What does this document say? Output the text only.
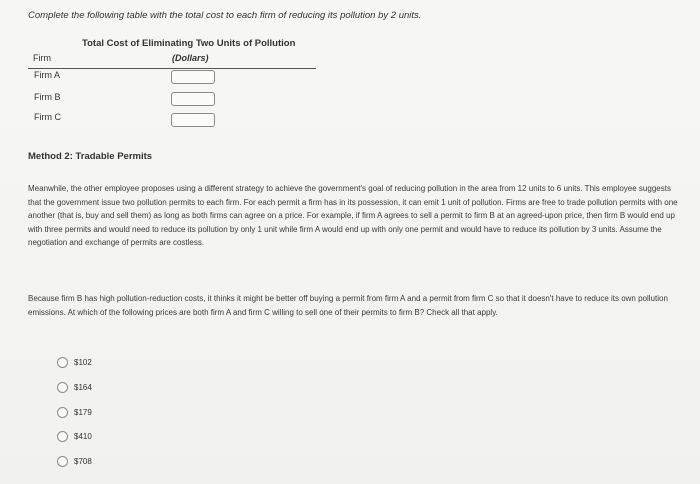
Complete the following table with the total cost to each firm of reducing its pollution by 2 units.
Total Cost of Eliminating Two Units of Pollution
Firm	(Dollars)
Firm A
Firm B
Firm C
Method 2: Tradable Permits
Meanwhile, the other employee proposes using a different strategy to achieve the government's goal of reducing pollution in the area from 12 units to 6 units. This employee suggests that the government issue two pollution permits to each firm. For each permit a firm has in its possession, it can emit 1 unit of pollution. Firms are free to trade pollution permits with one another (that is, buy and sell them) as long as both firms can agree on a price. For example, if firm A agrees to sell a permit to firm B at an agreed-upon price, then firm B would end up with three permits and would need to reduce its pollution by only 1 unit while firm A would end up with only one permit and would have to reduce its pollution by 3 units. Assume the negotiation and exchange of permits are costless.
Because firm B has high pollution-reduction costs, it thinks it might be better off buying a permit from firm A and a permit from firm C so that it doesn't have to reduce its own pollution emissions. At which of the following prices are both firm A and firm C willing to sell one of their permits to firm B? Check all that apply.
$102
$164
$179
$410
$708
